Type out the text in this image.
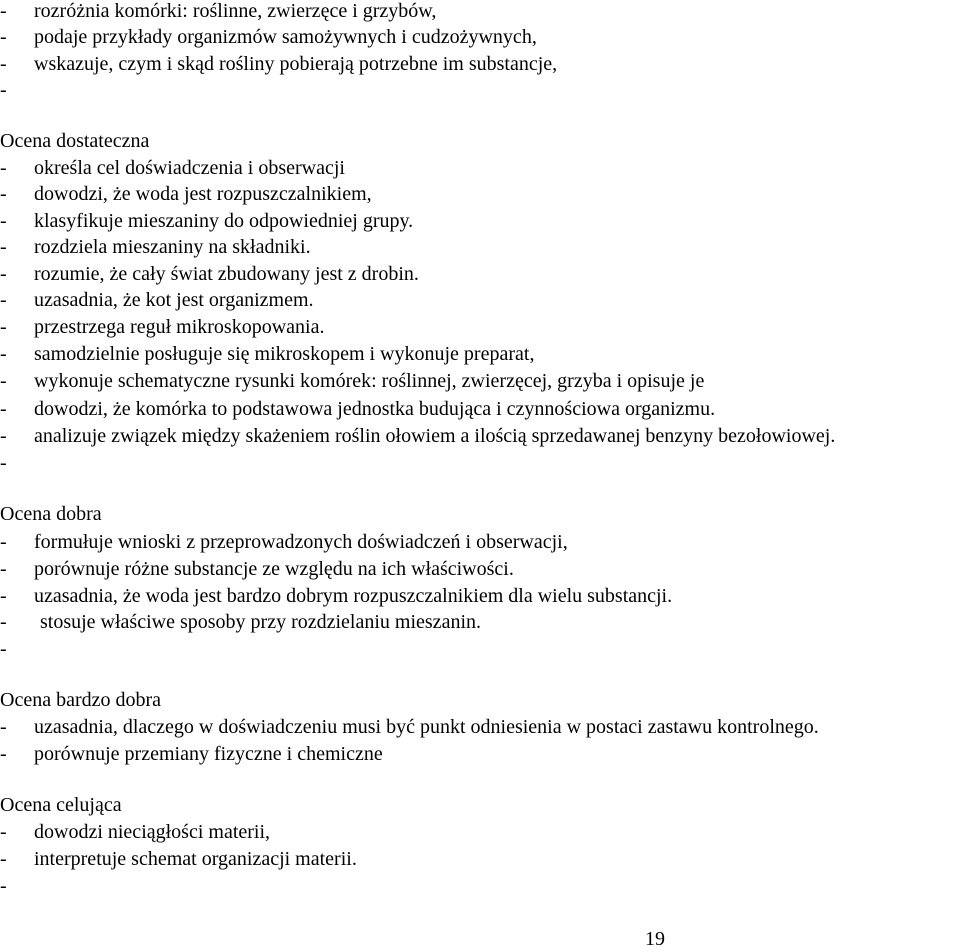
- rozróżnia komórki: roślinne, zwierzęce i grzybów,
- podaje przykłady organizmów samożywnych i cudzożywnych,
- wskazuje, czym i skąd rośliny pobierają potrzebne im substancje,
-
Ocena dostateczna
- określa cel doświadczenia i obserwacji
- dowodzi, że woda jest rozpuszczalnikiem,
- klasyfikuje mieszaniny do odpowiedniej grupy.
- rozdziela mieszaniny na składniki.
- rozumie, że cały świat zbudowany jest z drobin.
- uzasadnia, że kot jest organizmem.
- przestrzega reguł mikroskopowania.
- samodzielnie posługuje się mikroskopem i wykonuje preparat,
- wykonuje schematyczne rysunki komórek: roślinnej, zwierzęcej, grzyba i opisuje je
- dowodzi, że komórka to podstawowa jednostka budująca i czynnościowa organizmu.
- analizuje związek między skażeniem roślin ołowiem a ilością sprzedawanej benzyny bezołowiowej.
-
Ocena dobra
- formułuje wnioski z przeprowadzonych doświadczeń i obserwacji,
- porównuje różne substancje ze względu na ich właściwości.
- uzasadnia, że woda jest bardzo dobrym rozpuszczalnikiem dla wielu substancji.
- stosuje właściwe sposoby przy rozdzielaniu mieszanin.
-
Ocena bardzo dobra
- uzasadnia, dlaczego w doświadczeniu musi być punkt odniesienia w postaci zastawu kontrolnego.
- porównuje przemiany fizyczne i chemiczne
Ocena celująca
- dowodzi nieciągłości materii,
- interpretuje schemat organizacji materii.
-
19
